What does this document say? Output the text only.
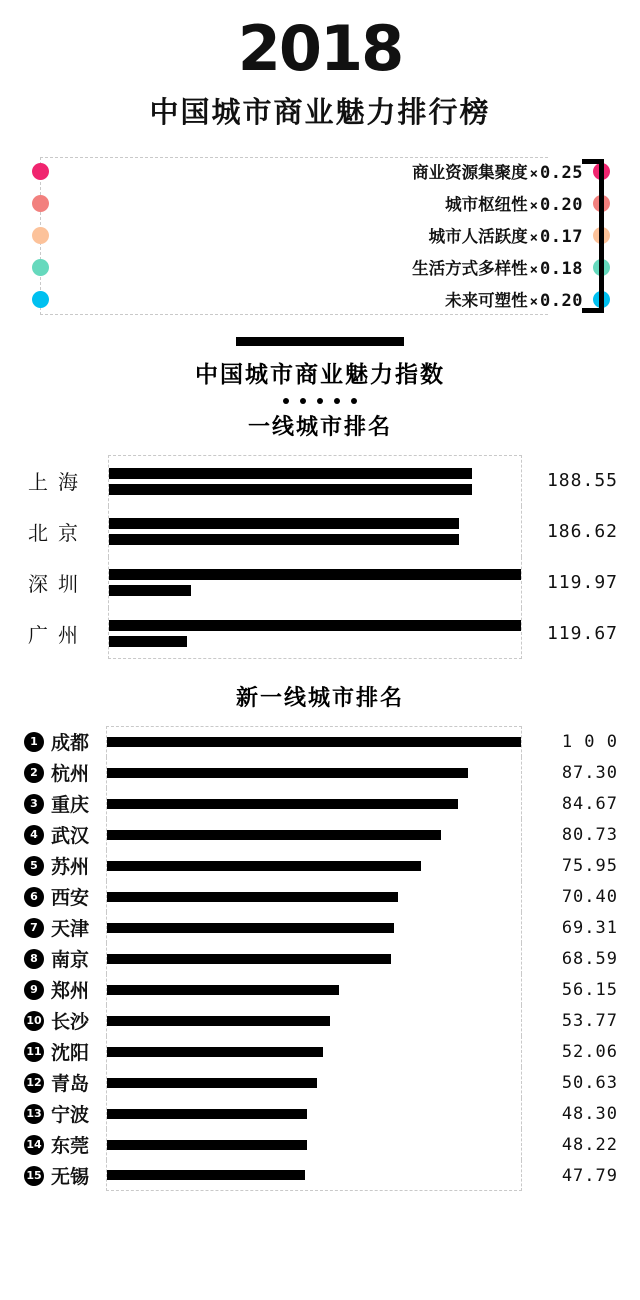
2018
中国城市商业魅力排行榜
商业资源集聚度 × 0.25
城市枢纽性 × 0.20
城市人活跃度 × 0.17
生活方式多样性 × 0.18
未来可塑性 × 0.20
中国城市商业魅力指数
一线城市排名
上海	188.55
北京	186.62
深圳	119.97
广州	119.67
新一线城市排名
1 成都	1 0 0
2 杭州	87.30
3 重庆	84.67
4 武汉	80.73
5 苏州	75.95
6 西安	70.40
7 天津	69.31
8 南京	68.59
9 郑州	56.15
10 长沙	53.77
11 沈阳	52.06
12 青岛	50.63
13 宁波	48.30
14 东莞	48.22
15 无锡	47.79
